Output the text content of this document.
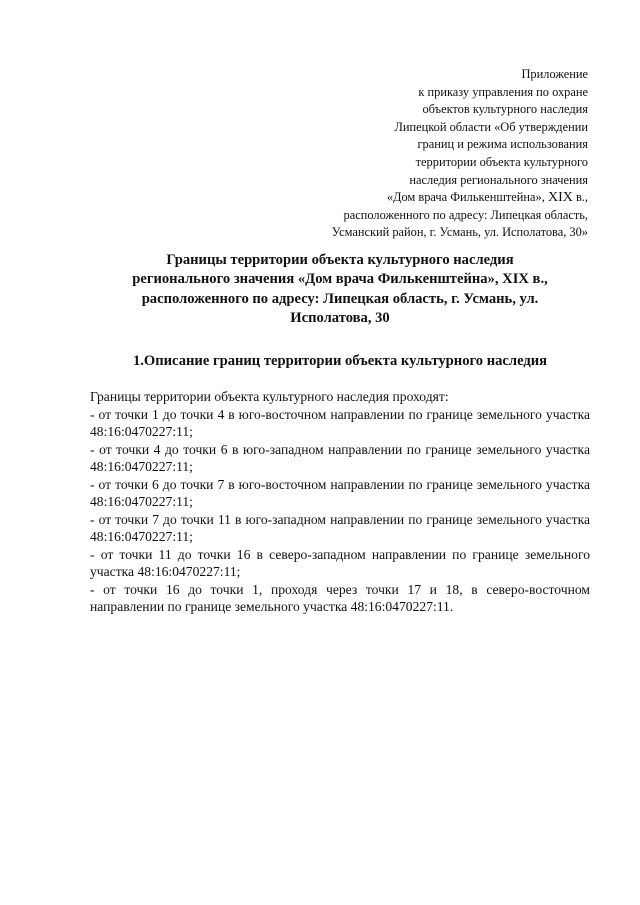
Приложение
к приказу управления по охране
объектов культурного наследия
Липецкой области «Об утверждении
границ и режима использования
территории объекта культурного
наследия регионального значения
«Дом врача Филькенштейна», XIX в.,
расположенного по адресу: Липецкая область,
Усманский район, г. Усмань, ул. Исполатова, 30»
Границы территории объекта культурного наследия
регионального значения «Дом врача Филькенштейна», XIX в.,
расположенного по адресу: Липецкая область, г. Усмань, ул.
Исполатова, 30
1.Описание границ территории объекта культурного наследия
Границы территории объекта культурного наследия проходят:
- от точки 1 до точки 4 в юго-восточном направлении по границе земельного участка 48:16:0470227:11;
- от точки 4 до точки 6 в юго-западном направлении по границе земельного участка 48:16:0470227:11;
- от точки 6 до точки 7 в юго-восточном направлении по границе земельного участка 48:16:0470227:11;
- от точки 7 до точки 11 в юго-западном направлении по границе земельного участка 48:16:0470227:11;
- от точки 11 до точки 16 в северо-западном направлении по границе земельного участка 48:16:0470227:11;
- от точки 16 до точки 1, проходя через точки 17 и 18, в северо-восточном направлении по границе земельного участка 48:16:0470227:11.
